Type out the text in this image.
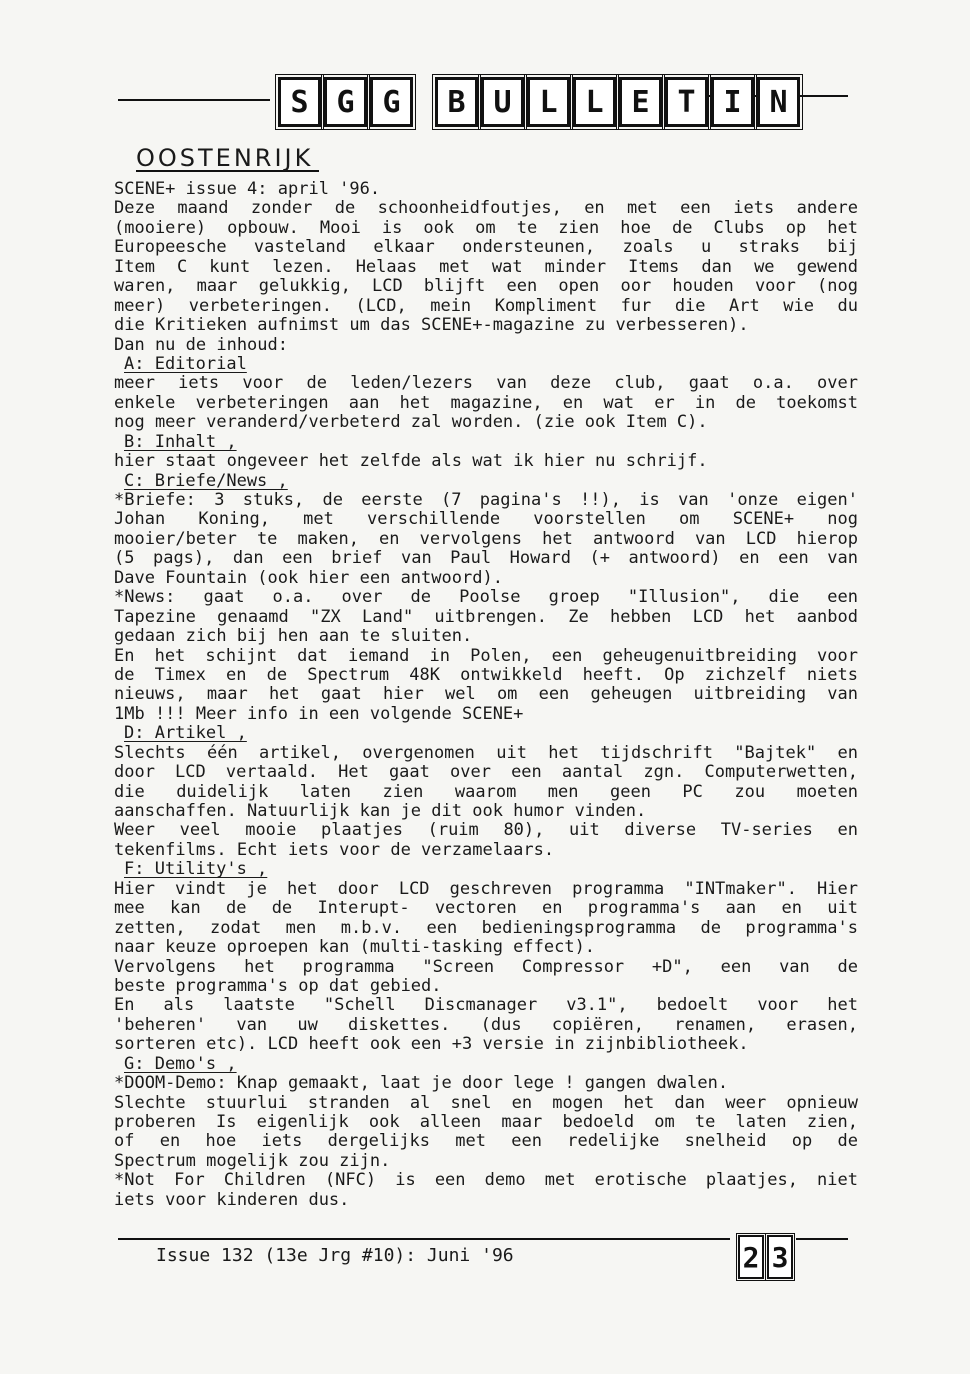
S G G	B U L L E T I N
OOSTENRIJK
SCENE+ issue 4: april '96.
Deze maand zonder de schoonheidfoutjes, en met een iets andere
(mooiere) opbouw. Mooi is ook om te zien hoe de Clubs op het
Europeesche vasteland elkaar ondersteunen, zoals u straks bij
Item C kunt lezen. Helaas met wat minder Items dan we gewend
waren, maar gelukkig, LCD blijft een open oor houden voor (nog
meer) verbeteringen. (LCD, mein Kompliment fur die Art wie du
die Kritieken aufnimst um das SCENE+-magazine zu verbesseren).
Dan nu de inhoud:
A: Editorial
meer iets voor de leden/lezers van deze club, gaat o.a. over
enkele verbeteringen aan het magazine, en wat er in de toekomst
nog meer veranderd/verbeterd zal worden. (zie ook Item C).
B: Inhalt ,
hier staat ongeveer het zelfde als wat ik hier nu schrijf.
C: Briefe/News ,
*Briefe: 3 stuks, de eerste (7 pagina's !!), is van 'onze eigen'
Johan Koning, met verschillende voorstellen om SCENE+ nog
mooier/beter te maken, en vervolgens het antwoord van LCD hierop
(5 pags), dan een brief van Paul Howard (+ antwoord) en een van
Dave Fountain (ook hier een antwoord).
*News: gaat o.a. over de Poolse groep "Illusion", die een
Tapezine genaamd "ZX Land" uitbrengen. Ze hebben LCD het aanbod
gedaan zich bij hen aan te sluiten.
En het schijnt dat iemand in Polen, een geheugenuitbreiding voor
de Timex en de Spectrum 48K ontwikkeld heeft. Op zichzelf niets
nieuws, maar het gaat hier wel om een geheugen uitbreiding van
1Mb !!! Meer info in een volgende SCENE+
D: Artikel ,
Slechts één artikel, overgenomen uit het tijdschrift "Bajtek" en
door LCD vertaald. Het gaat over een aantal zgn. Computerwetten,
die duidelijk laten zien waarom men geen PC zou moeten
aanschaffen. Natuurlijk kan je dit ook humor vinden.
Weer veel mooie plaatjes (ruim 80), uit diverse TV-series en
tekenfilms. Echt iets voor de verzamelaars.
F: Utility's ,
Hier vindt je het door LCD geschreven programma "INTmaker". Hier
mee kan de de Interupt- vectoren en programma's aan en uit
zetten, zodat men m.b.v. een bedieningsprogramma de programma's
naar keuze oproepen kan (multi-tasking effect).
Vervolgens het programma "Screen Compressor +D", een van de
beste programma's op dat gebied.
En als laatste "Schell Discmanager v3.1", bedoelt voor het
'beheren' van uw diskettes. (dus copiëren, renamen, erasen,
sorteren etc). LCD heeft ook een +3 versie in zijnbibliotheek.
G: Demo's ,
*DOOM-Demo: Knap gemaakt, laat je door lege ! gangen dwalen.
Slechte stuurlui stranden al snel en mogen het dan weer opnieuw
proberen Is eigenlijk ook alleen maar bedoeld om te laten zien,
of en hoe iets dergelijks met een redelijke snelheid op de
Spectrum mogelijk zou zijn.
*Not For Children (NFC) is een demo met erotische plaatjes, niet
iets voor kinderen dus.
Issue 132 (13e Jrg #10): Juni '96	2 3
